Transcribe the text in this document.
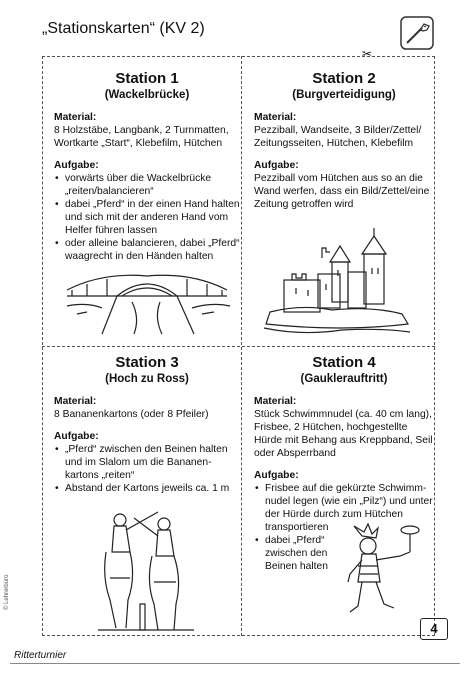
„Stationskarten“ (KV 2)
✂
Station 1
(Wackelbrücke)
Material:
8 Holzstäbe, Langbank, 2 Turnmatten, Wortkarte „Start“, Klebefilm, Hütchen
Aufgabe:
• vorwärts über die Wackelbrücke „reiten/balancieren“
• dabei „Pferd“ in der einen Hand halten und sich mit der anderen Hand vom Helfer führen lassen
• oder alleine balancieren, dabei „Pferd“ waagrecht in den Händen halten
Station 2
(Burgverteidigung)
Material:
Pezziball, Wandseite, 3 Bilder/Zettel/ Zeitungsseiten, Hütchen, Klebefilm
Aufgabe:
Pezziball vom Hütchen aus so an die Wand werfen, dass ein Bild/Zettel/eine Zeitung getroffen wird
Station 3
(Hoch zu Ross)
Material:
8 Bananenkartons (oder 8 Pfeiler)
Aufgabe:
• „Pferd“ zwischen den Beinen halten und im Slalom um die Bananen- kartons „reiten“
• Abstand der Kartons jeweils ca. 1 m
Station 4
(Gauklerauftritt)
Material:
Stück Schwimmnudel (ca. 40 cm lang), Frisbee, 2 Hütchen, hochgestellte Hürde mit Behang aus Kreppband, Seil oder Absperrband
Aufgabe:
• Frisbee auf die gekürzte Schwimm- nudel legen (wie ein „Pilz“) und unter der Hürde durch zum Hütchen transportieren
• dabei „Pferd“ zwischen den Beinen halten
4
Ritterturnier
© Lehrerbüro
